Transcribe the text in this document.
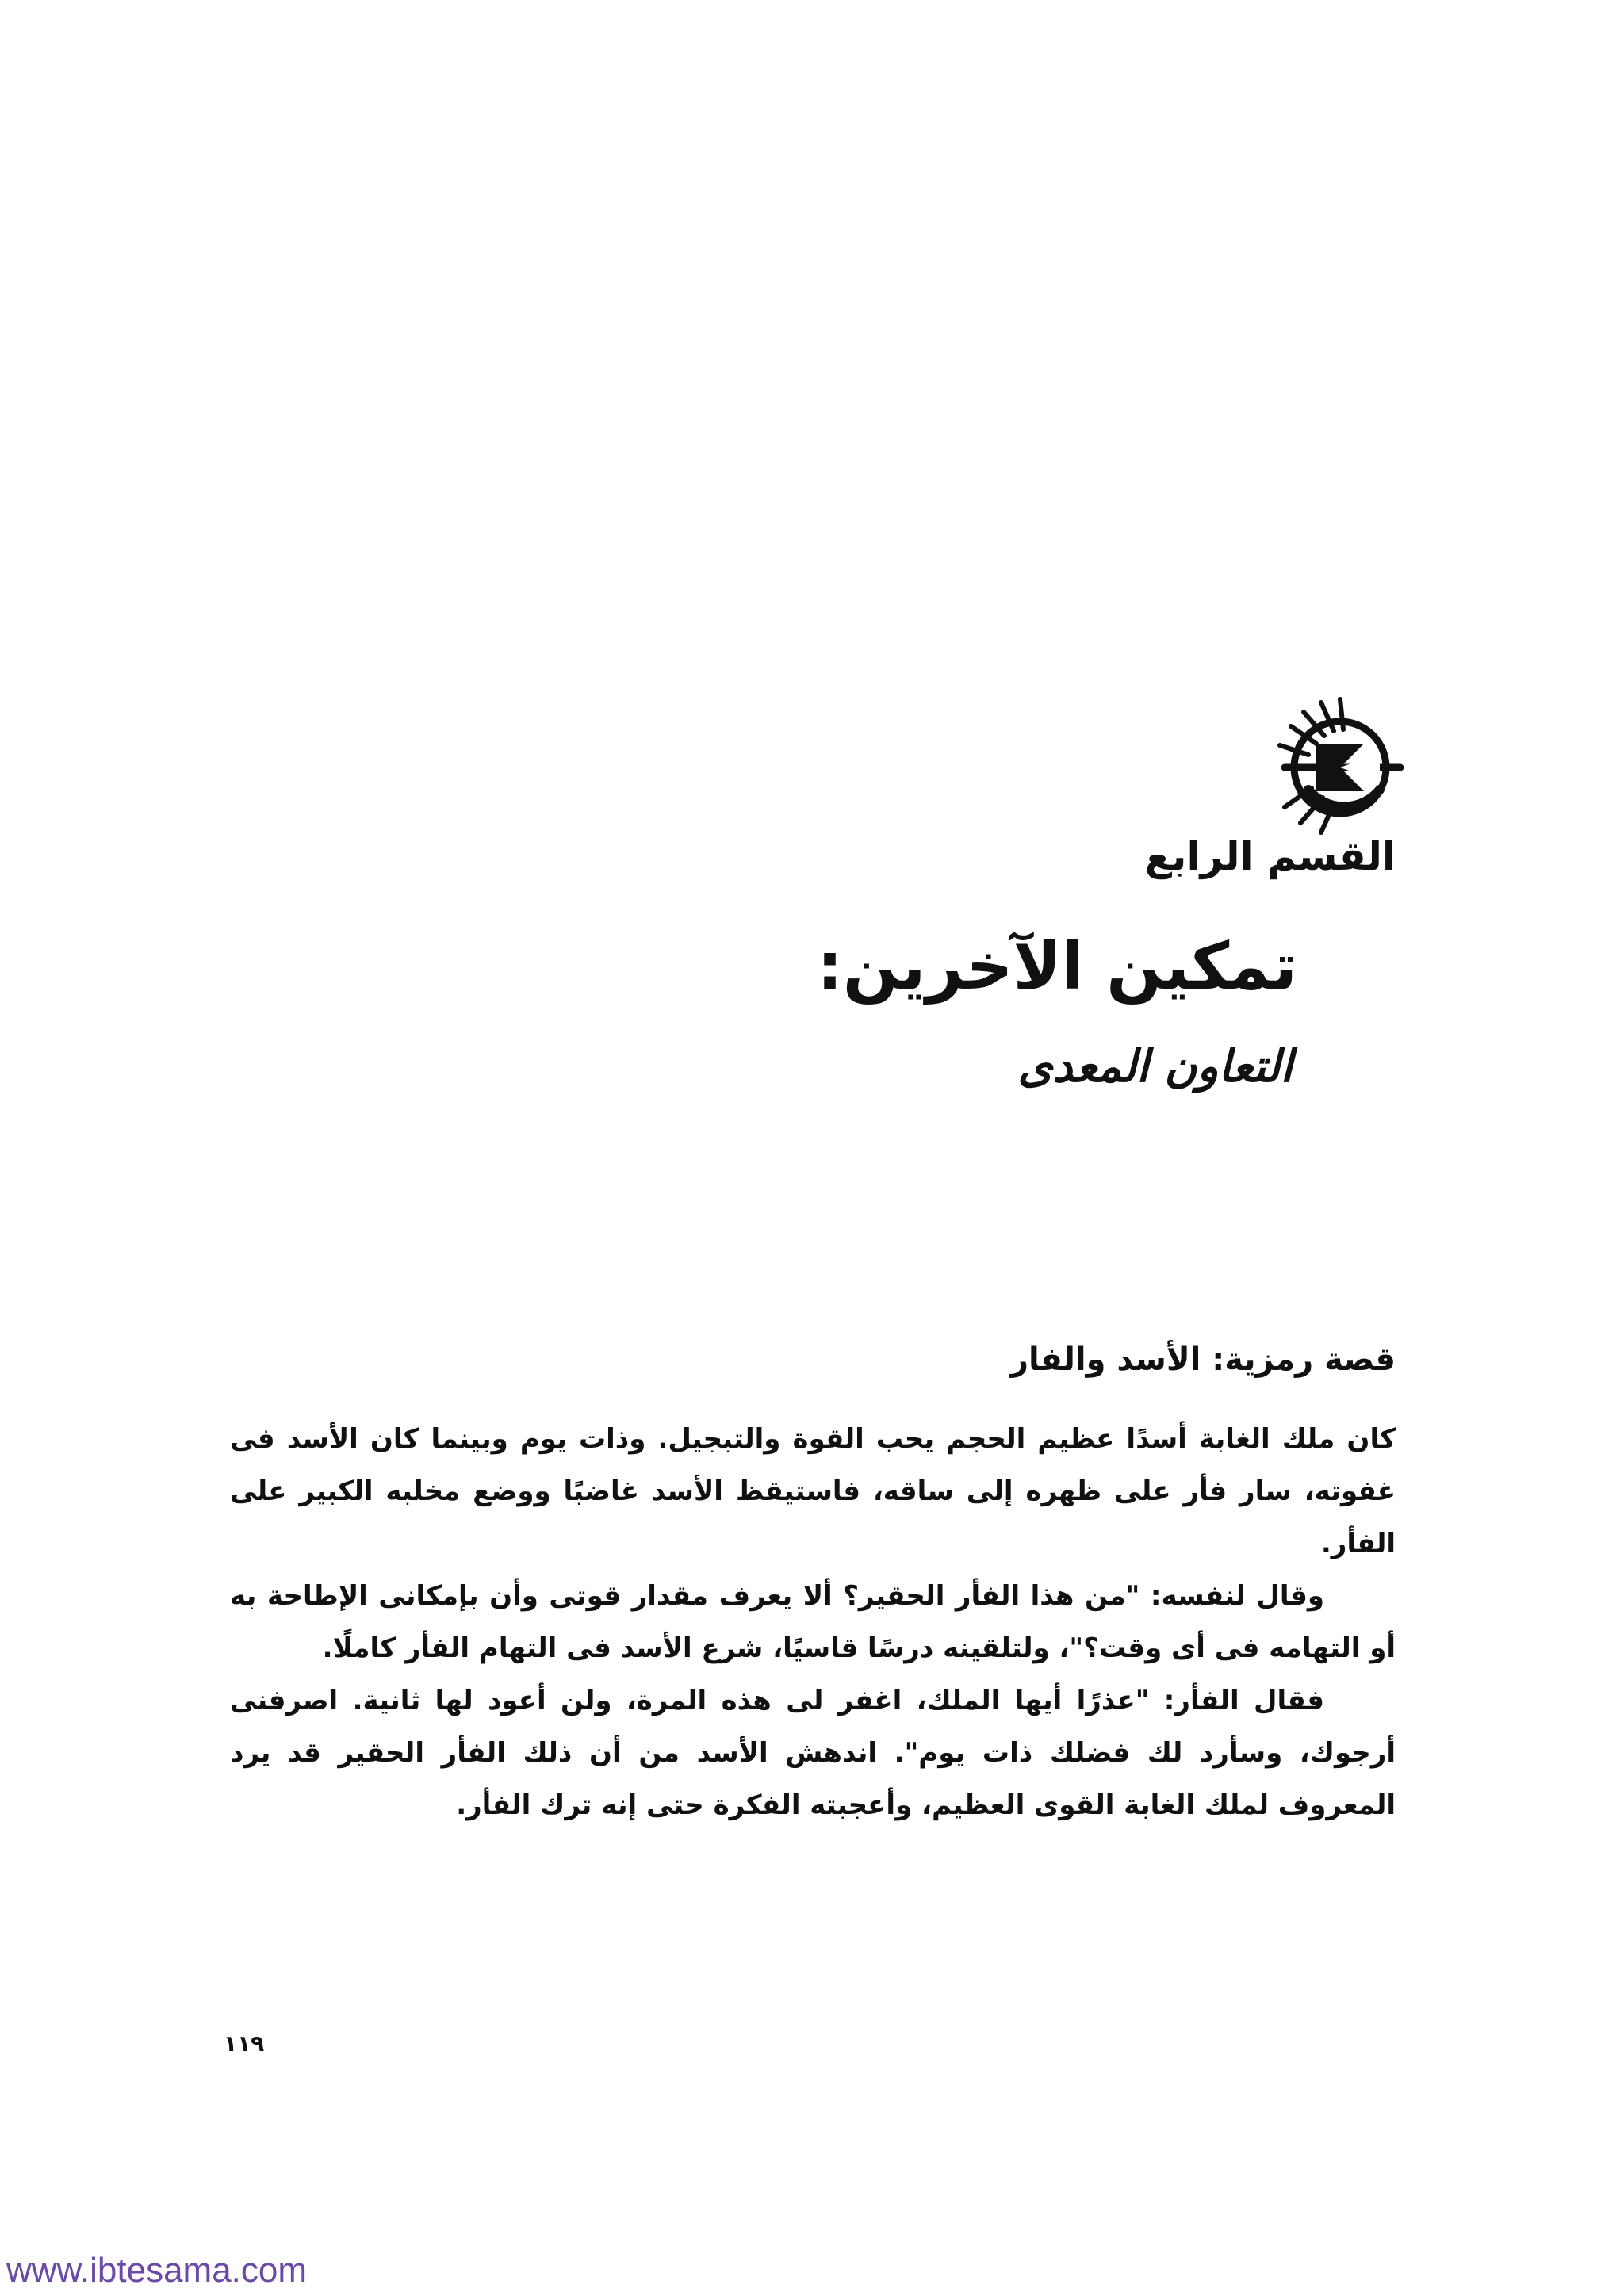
القسم الرابع
تمكين الآخرين:
التعاون المعدى
قصة رمزية: الأسد والفار

كان ملك الغابة أسدًا عظيم الحجم يحب القوة والتبجيل. وذات يوم وبينما كان الأسد فى غفوته، سار فأر على ظهره إلى ساقه، فاستيقظ الأسد غاضبًا ووضع مخلبه الكبير على الفأر.

وقال لنفسه: "من هذا الفأر الحقير؟ ألا يعرف مقدار قوتى وأن بإمكانى الإطاحة به أو التهامه فى أى وقت؟"، ولتلقينه درسًا قاسيًا، شرع الأسد فى التهام الفأر كاملًا.

فقال الفأر: "عذرًا أيها الملك، اغفر لى هذه المرة، ولن أعود لها ثانية. اصرفنى أرجوك، وسأرد لك فضلك ذات يوم". اندهش الأسد من أن ذلك الفأر الحقير قد يرد المعروف لملك الغابة القوى العظيم، وأعجبته الفكرة حتى إنه ترك الفأر.

١١٩
www.ibtesama.com
